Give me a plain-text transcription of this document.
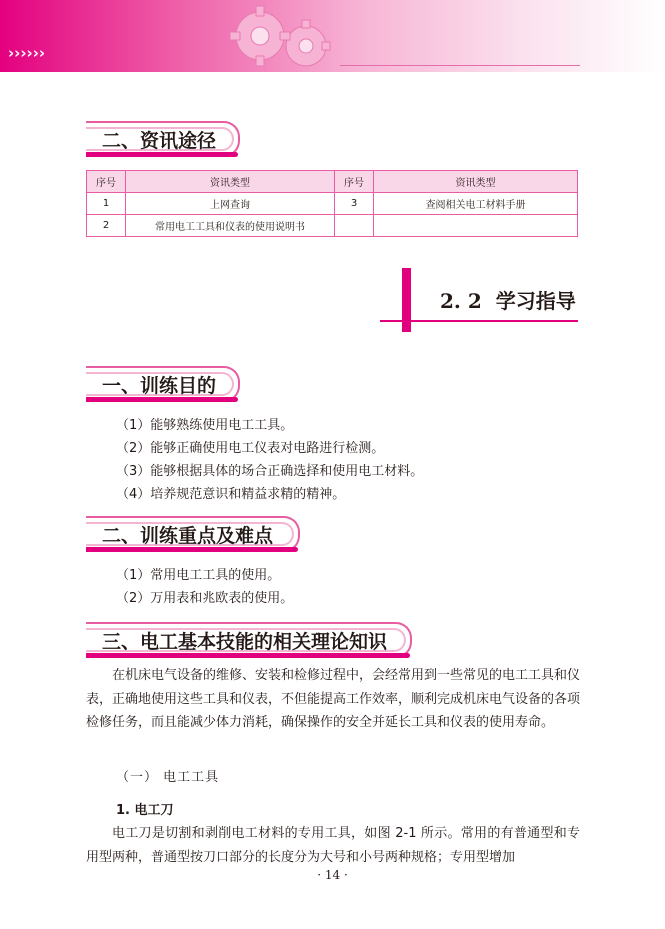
››››››
二、资讯途径
序号	资讯类型	序号	资讯类型
1	上网查询	3	查阅相关电工材料手册
2	常用电工工具和仪表的使用说明书		
2. 2 学习指导
一、训练目的
（1）能够熟练使用电工工具。
（2）能够正确使用电工仪表对电路进行检测。
（3）能够根据具体的场合正确选择和使用电工材料。
（4）培养规范意识和精益求精的精神。
二、训练重点及难点
（1）常用电工工具的使用。
（2）万用表和兆欧表的使用。
三、电工基本技能的相关理论知识
在机床电气设备的维修、安装和检修过程中，会经常用到一些常见的电工工具和仪表，正确地使用这些工具和仪表，不但能提高工作效率，顺利完成机床电气设备的各项检修任务，而且能减少体力消耗，确保操作的安全并延长工具和仪表的使用寿命。
（一） 电工工具
1. 电工刀
电工刀是切割和剥削电工材料的专用工具，如图 2-1 所示。常用的有普通型和专用型两种，普通型按刀口部分的长度分为大号和小号两种规格；专用型增加
· 14 ·
